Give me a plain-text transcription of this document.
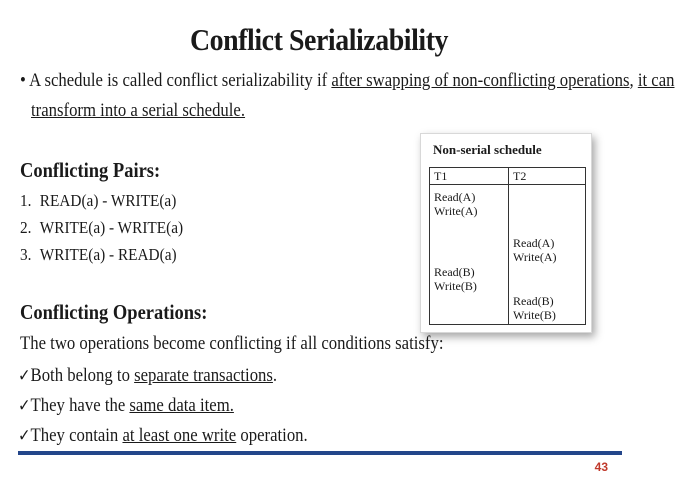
Conflict Serializability
• A schedule is called conflict serializability if after swapping of non-conflicting operations, it can
transform into a serial schedule.
Conflicting Pairs:
1. READ(a) - WRITE(a)
2. WRITE(a) - WRITE(a)
3. WRITE(a) - READ(a)
Conflicting Operations:
The two operations become conflicting if all conditions satisfy:
✓Both belong to separate transactions.
✓They have the same data item.
✓They contain at least one write operation.
Non-serial schedule
T1	T2
Read(A)
Write(A)
Read(A)
Write(A)
Read(B)
Write(B)
Read(B)
Write(B)
43
